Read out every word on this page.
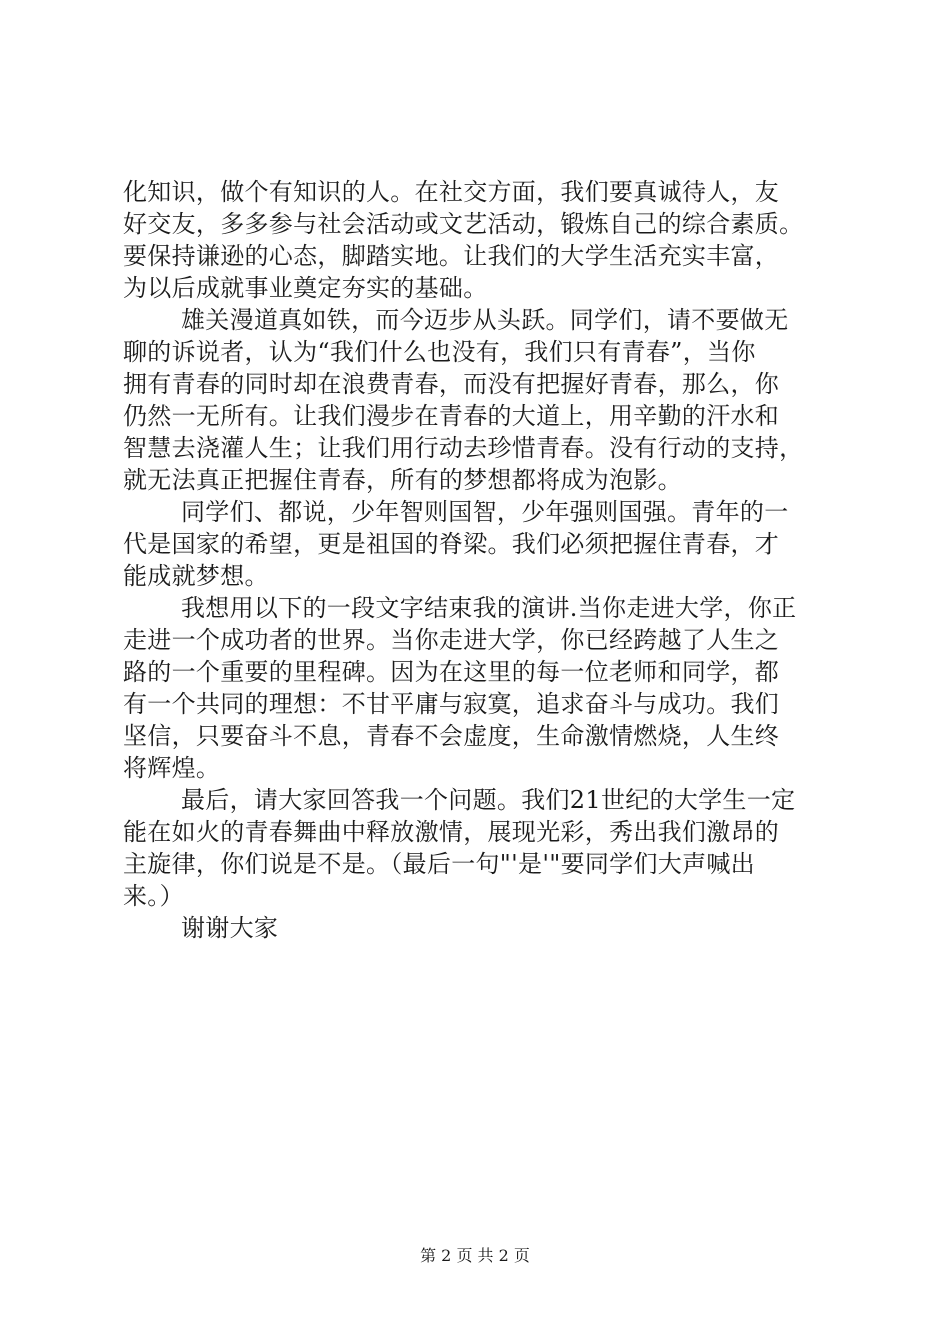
化知识，做个有知识的人。在社交方面，我们要真诚待人，友
好交友，多多参与社会活动或文艺活动，锻炼自己的综合素质。
要保持谦逊的心态，脚踏实地。让我们的大学生活充实丰富，
为以后成就事业奠定夯实的基础。
雄关漫道真如铁，而今迈步从头跃。同学们，请不要做无
聊的诉说者，认为“我们什么也没有，我们只有青春”，当你
拥有青春的同时却在浪费青春，而没有把握好青春，那么，你
仍然一无所有。让我们漫步在青春的大道上，用辛勤的汗水和
智慧去浇灌人生；让我们用行动去珍惜青春。没有行动的支持，
就无法真正把握住青春，所有的梦想都将成为泡影。
同学们、都说，少年智则国智，少年强则国强。青年的一
代是国家的希望，更是祖国的脊梁。我们必须把握住青春，才
能成就梦想。
我想用以下的一段文字结束我的演讲.当你走进大学，你正
走进一个成功者的世界。当你走进大学，你已经跨越了人生之
路的一个重要的里程碑。因为在这里的每一位老师和同学，都
有一个共同的理想：不甘平庸与寂寞，追求奋斗与成功。我们
坚信，只要奋斗不息，青春不会虚度，生命激情燃烧，人生终
将辉煌。
最后，请大家回答我一个问题。我们21世纪的大学生一定
能在如火的青春舞曲中释放激情，展现光彩，秀出我们激昂的
主旋律，你们说是不是。（最后一句"'是'"要同学们大声喊出
来。）
谢谢大家
第 2 页 共 2 页
